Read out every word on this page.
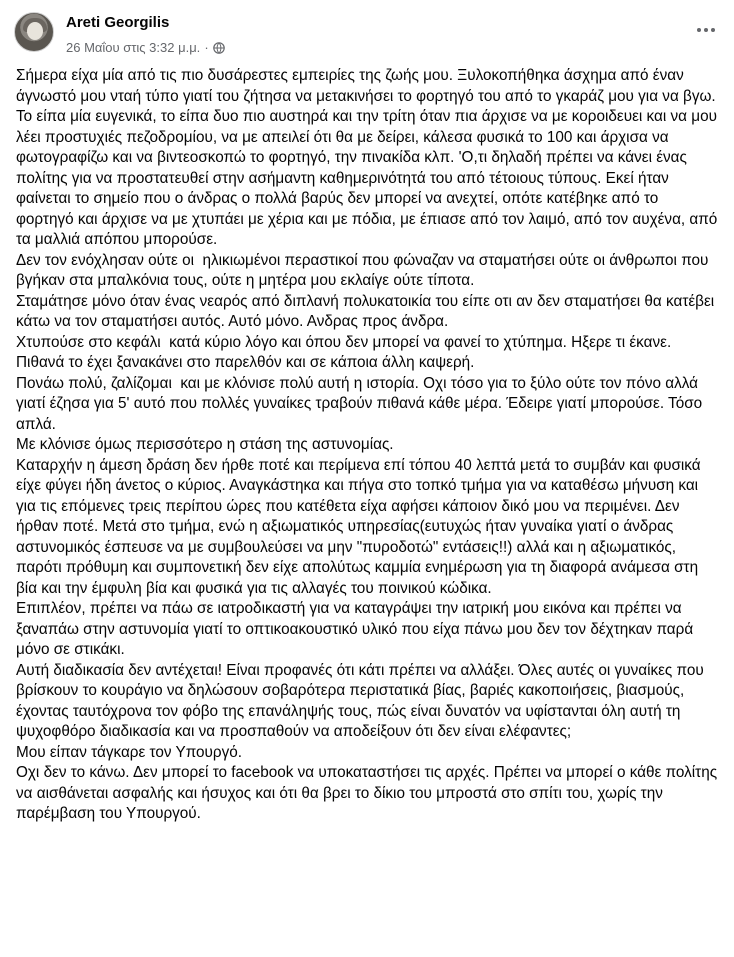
Areti Georgilis
26 Μαΐου στις 3:32 μ.μ. ·

Σήμερα είχα μία από τις πιο δυσάρεστες εμπειρίες της ζωής μου. Ξυλοκοπήθηκα άσχημα από έναν άγνωστό μου νταή τύπο γιατί του ζήτησα να μετακινήσει το φορτηγό του από το γκαράζ μου για να βγω.

Το είπα μία ευγενικά, το είπα δυο πιο αυστηρά και την τρίτη όταν πια άρχισε να με κοροιδευει και να μου λέει προστυχιές πεζοδρομίου, να με απειλεί ότι θα με δείρει, κάλεσα φυσικά το 100 και άρχισα να φωτογραφίζω και να βιντεοσκοπώ το φορτηγό, την πινακίδα κλπ. 'Ο,τι δηλαδή πρέπει να κάνει ένας πολίτης για να προστατευθεί στην ασήμαντη καθημερινότητά του από τέτοιους τύπους. Εκεί ήταν φαίνεται το σημείο που ο άνδρας ο πολλά βαρύς δεν μπορεί να ανεχτεί, οπότε κατέβηκε από το φορτηγό και άρχισε να με χτυπάει με χέρια και με πόδια, με έπιασε από τον λαιμό, από τον αυχένα, από τα μαλλιά απόπου μπορούσε.

Δεν τον ενόχλησαν ούτε οι  ηλικιωμένοι περαστικοί που φώναζαν να σταματήσει ούτε οι άνθρωποι που βγήκαν στα μπαλκόνια τους, ούτε η μητέρα μου εκλαίγε ούτε τίποτα.

Σταμάτησε μόνο όταν ένας νεαρός από διπλανή πολυκατοικία του είπε οτι αν δεν σταματήσει θα κατέβει κάτω να τον σταματήσει αυτός. Αυτό μόνο. Ανδρας προς άνδρα.

Χτυπούσε στο κεφάλι  κατά κύριο λόγο και όπου δεν μπορεί να φανεί το χτύπημα. Ηξερε τι έκανε. Πιθανά το έχει ξανακάνει στο παρελθόν και σε κάποια άλλη καψερή.

Πονάω πολύ, ζαλίζομαι  και με κλόνισε πολύ αυτή η ιστορία. Οχι τόσο για το ξύλο ούτε τον πόνο αλλά γιατί έζησα για 5' αυτό που πολλές γυναίκες τραβούν πιθανά κάθε μέρα. Έδειρε γιατί μπορούσε. Τόσο απλά.

Με κλόνισε όμως περισσότερο η στάση της αστυνομίας.

Καταρχήν η άμεση δράση δεν ήρθε ποτέ και περίμενα επί τόπου 40 λεπτά μετά το συμβάν και φυσικά είχε φύγει ήδη άνετος ο κύριος. Αναγκάστηκα και πήγα στο τοπκό τμήμα για να καταθέσω μήνυση και για τις επόμενες τρεις περίπου ώρες που κατέθετα είχα αφήσει κάποιον δικό μου να περιμένει. Δεν ήρθαν ποτέ. Μετά στο τμήμα, ενώ η αξιωματικός υπηρεσίας(ευτυχώς ήταν γυναίκα γιατί ο άνδρας αστυνομικός έσπευσε να με συμβουλεύσει να μην "πυροδοτώ" εντάσεις!!) αλλά και η αξιωματικός, παρότι πρόθυμη και συμπονετική δεν είχε απολύτως καμμία ενημέρωση για τη διαφορά ανάμεσα στη βία και την έμφυλη βία και φυσικά για τις αλλαγές του ποινικού κώδικα.

Επιπλέον, πρέπει να πάω σε ιατροδικαστή για να καταγράψει την ιατρική μου εικόνα και πρέπει να ξαναπάω στην αστυνομία γιατί το οπτικοακουστικό υλικό που είχα πάνω μου δεν τον δέχτηκαν παρά μόνο σε στικάκι.

Αυτή διαδικασία δεν αντέχεται! Είναι προφανές ότι κάτι πρέπει να αλλάξει. Όλες αυτές οι γυναίκες που βρίσκουν το κουράγιο να δηλώσουν σοβαρότερα περιστατικά βίας, βαριές κακοποιήσεις, βιασμούς, έχοντας ταυτόχρονα τον φόβο της επανάληψής τους, πώς είναι δυνατόν να υφίστανται όλη αυτή τη ψυχοφθόρο διαδικασία και να προσπαθούν να αποδείξουν ότι δεν είναι ελέφαντες;

Μου είπαν τάγκαρε τον Υπουργό.

Οχι δεν το κάνω. Δεν μπορεί το facebook να υποκαταστήσει τις αρχές. Πρέπει να μπορεί ο κάθε πολίτης να αισθάνεται ασφαλής και ήσυχος και ότι θα βρει το δίκιο του μπροστά στο σπίτι του, χωρίς την παρέμβαση του Υπουργού.
